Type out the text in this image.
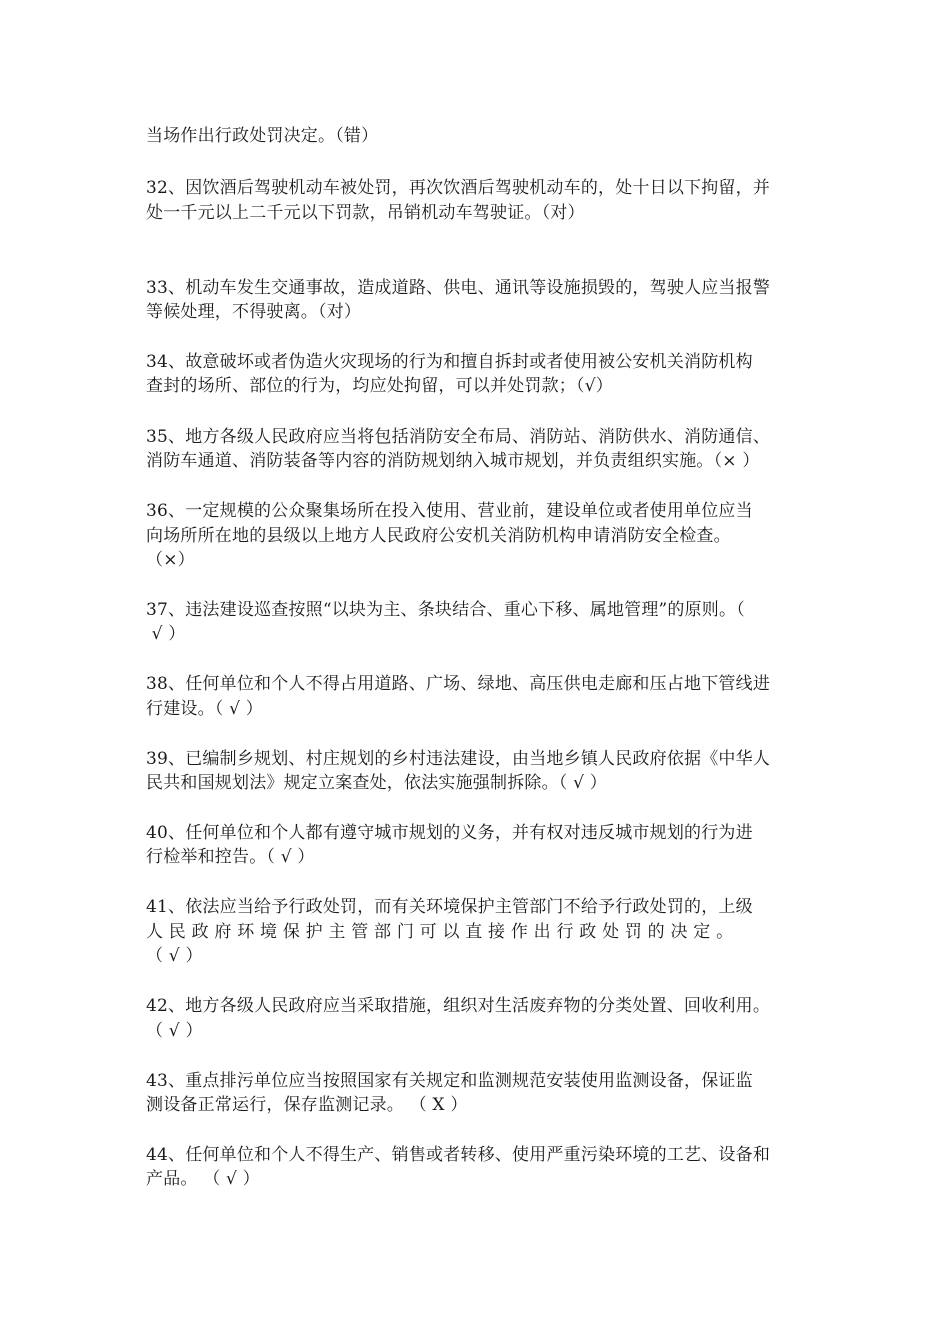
当场作出行政处罚决定。（错）
32、因饮酒后驾驶机动车被处罚，再次饮酒后驾驶机动车的，处十日以下拘留，并
处一千元以上二千元以下罚款，吊销机动车驾驶证。（对）
33、机动车发生交通事故，造成道路、供电、通讯等设施损毁的，驾驶人应当报警
等候处理，不得驶离。（对）
34、故意破坏或者伪造火灾现场的行为和擅自拆封或者使用被公安机关消防机构
查封的场所、部位的行为，均应处拘留，可以并处罚款；（√）
35、地方各级人民政府应当将包括消防安全布局、消防站、消防供水、消防通信、
消防车通道、消防装备等内容的消防规划纳入城市规划，并负责组织实施。（× ）
36、一定规模的公众聚集场所在投入使用、营业前，建设单位或者使用单位应当
向场所所在地的县级以上地方人民政府公安机关消防机构申请消防安全检查。
（×）
37、违法建设巡查按照“以块为主、条块结合、重心下移、属地管理”的原则。（
√ ）
38、任何单位和个人不得占用道路、广场、绿地、高压供电走廊和压占地下管线进
行建设。（ √ ）
39、已编制乡规划、村庄规划的乡村违法建设，由当地乡镇人民政府依据《中华人
民共和国规划法》规定立案查处，依法实施强制拆除。（ √ ）
40、任何单位和个人都有遵守城市规划的义务，并有权对违反城市规划的行为进
行检举和控告。（ √ ）
41、依法应当给予行政处罚，而有关环境保护主管部门不给予行政处罚的，上级
人 民 政 府 环 境 保 护 主 管 部 门 可 以 直 接 作 出 行 政 处 罚 的 决 定 。
（ √ ）
42、地方各级人民政府应当采取措施，组织对生活废弃物的分类处置、回收利用。
（ √ ）
43、重点排污单位应当按照国家有关规定和监测规范安装使用监测设备，保证监
测设备正常运行，保存监测记录。 （ X ）
44、任何单位和个人不得生产、销售或者转移、使用严重污染环境的工艺、设备和
产品。 （ √ ）
